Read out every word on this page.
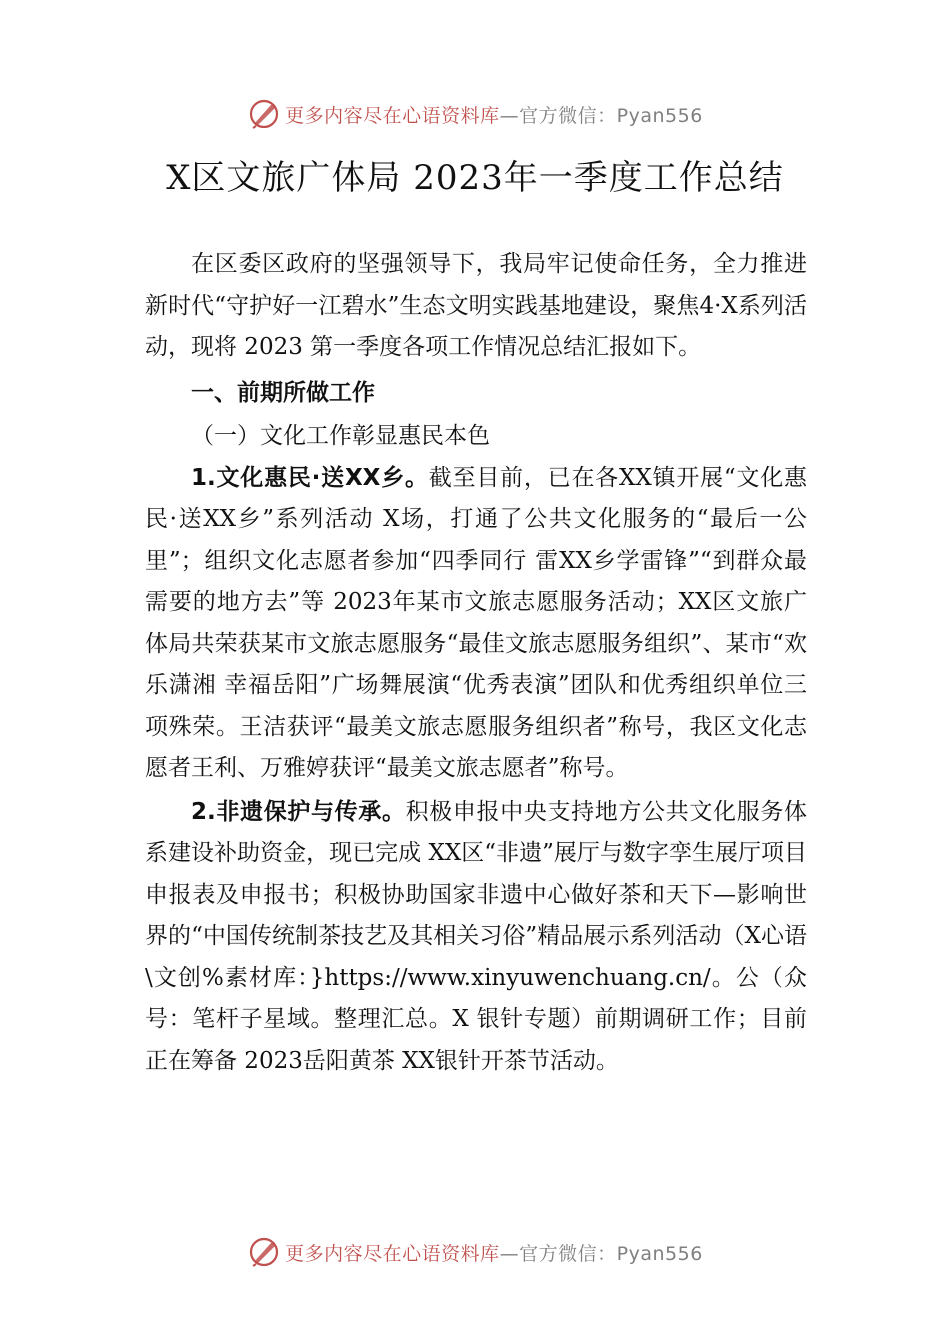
更多内容尽在心语资料库—官方微信：Pyan556
X区文旅广体局 2023年一季度工作总结

在区委区政府的坚强领导下，我局牢记使命任务，全力推进新时代“守护好一江碧水”生态文明实践基地建设，聚焦4·X系列活动，现将 2023 第一季度各项工作情况总结汇报如下。

一、前期所做工作

（一）文化工作彰显惠民本色

1.文化惠民·送XX乡。截至目前，已在各XX镇开展“文化惠民·送XX乡”系列活动 X场，打通了公共文化服务的“最后一公里”；组织文化志愿者参加“四季同行 雷XX乡学雷锋”“到群众最需要的地方去”等 2023年某市文旅志愿服务活动；XX区文旅广体局共荣获某市文旅志愿服务“最佳文旅志愿服务组织”、某市“欢乐潇湘 幸福岳阳”广场舞展演“优秀表演”团队和优秀组织单位三项殊荣。王洁获评“最美文旅志愿服务组织者”称号，我区文化志愿者王利、万雅婷获评“最美文旅志愿者”称号。

2.非遗保护与传承。积极申报中央支持地方公共文化服务体系建设补助资金，现已完成 XX区“非遗”展厅与数字孪生展厅项目申报表及申报书；积极协助国家非遗中心做好茶和天下—影响世界的“中国传统制茶技艺及其相关习俗”精品展示系列活动（X心语\文创%素材库：}https://www.xinyuwenchuang.cn/。公（众号：笔杆子星域。整理汇总。X 银针专题）前期调研工作；目前正在筹备 2023岳阳黄茶 XX银针开茶节活动。

更多内容尽在心语资料库—官方微信：Pyan556
